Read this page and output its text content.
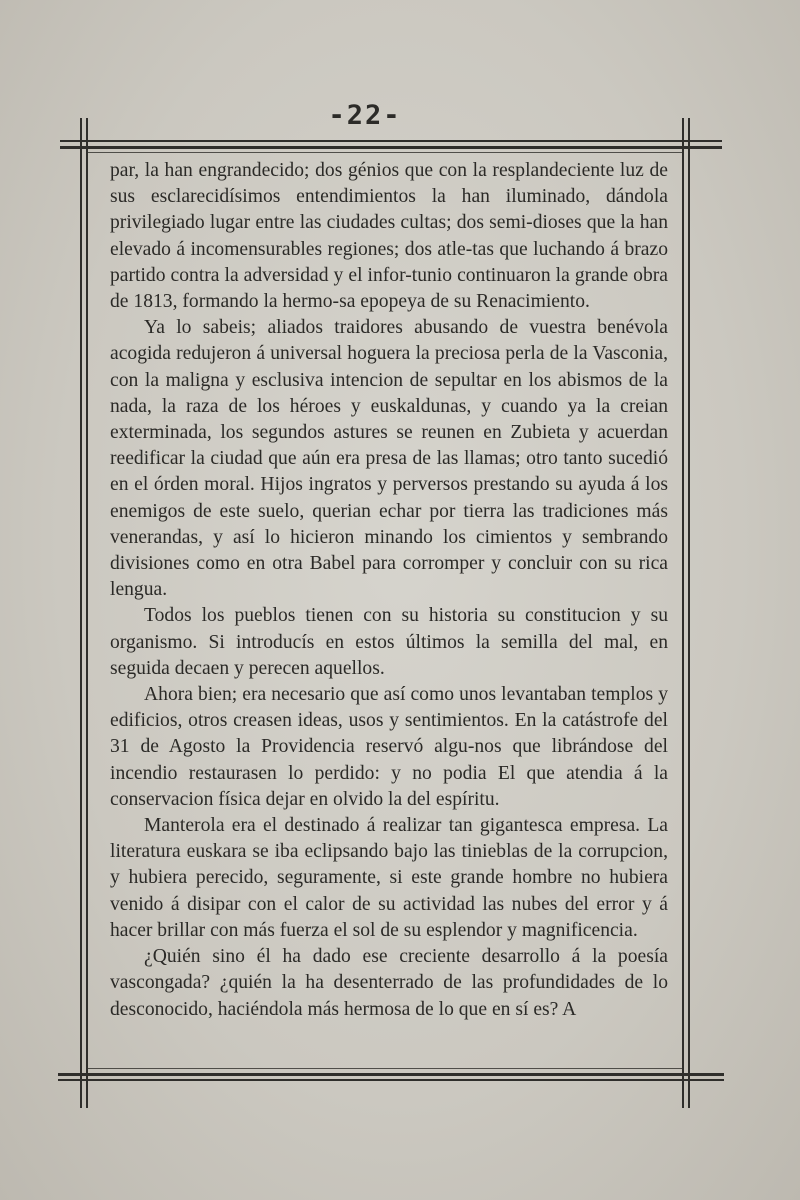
-22-

par, la han engrandecido; dos génios que con la resplandeciente luz de sus esclarecidísimos entendimientos la han iluminado, dándola privilegiado lugar entre las ciudades cultas; dos semi-dioses que la han elevado á incomensurables regiones; dos atle-tas que luchando á brazo partido contra la adversidad y el infor-tunio continuaron la grande obra de 1813, formando la hermo-sa epopeya de su Renacimiento.

Ya lo sabeis; aliados traidores abusando de vuestra benévola acogida redujeron á universal hoguera la preciosa perla de la Vasconia, con la maligna y esclusiva intencion de sepultar en los abismos de la nada, la raza de los héroes y euskaldunas, y cuando ya la creian exterminada, los segundos astures se reunen en Zubieta y acuerdan reedificar la ciudad que aún era presa de las llamas; otro tanto sucedió en el órden moral. Hijos ingratos y perversos prestando su ayuda á los enemigos de este suelo, querian echar por tierra las tradiciones más venerandas, y así lo hicieron minando los cimientos y sembrando divisiones como en otra Babel para corromper y concluir con su rica lengua.

Todos los pueblos tienen con su historia su constitucion y su organismo. Si introducís en estos últimos la semilla del mal, en seguida decaen y perecen aquellos.

Ahora bien; era necesario que así como unos levantaban templos y edificios, otros creasen ideas, usos y sentimientos. En la catástrofe del 31 de Agosto la Providencia reservó algu-nos que librándose del incendio restaurasen lo perdido: y no podia El que atendia á la conservacion física dejar en olvido la del espíritu.

Manterola era el destinado á realizar tan gigantesca empresa. La literatura euskara se iba eclipsando bajo las tinieblas de la corrupcion, y hubiera perecido, seguramente, si este grande hombre no hubiera venido á disipar con el calor de su actividad las nubes del error y á hacer brillar con más fuerza el sol de su esplendor y magnificencia.

¿Quién sino él ha dado ese creciente desarrollo á la poesía vascongada? ¿quién la ha desenterrado de las profundidades de lo desconocido, haciéndola más hermosa de lo que en sí es? A
